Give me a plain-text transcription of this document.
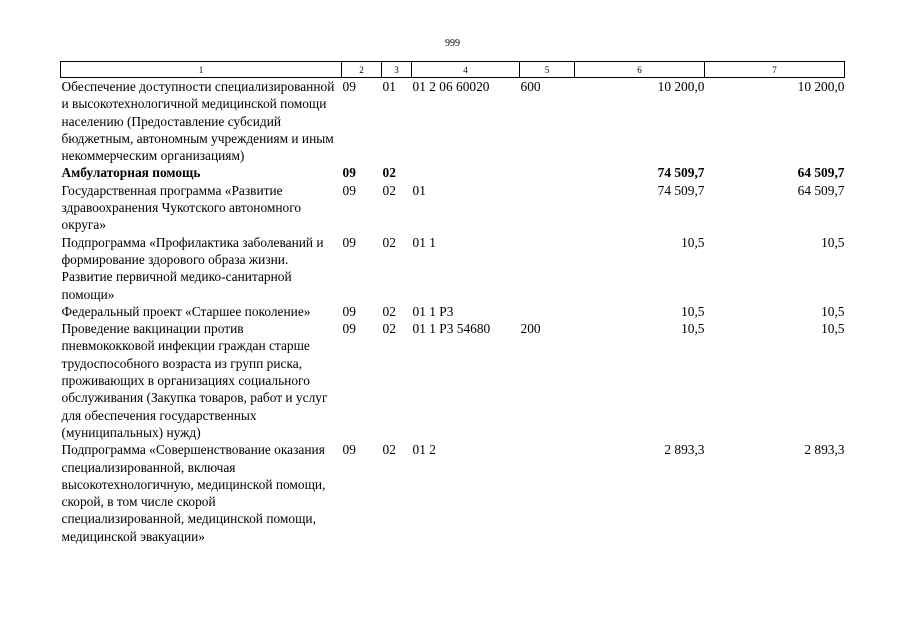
999
1	2	3	4	5	6	7
Обеспечение доступности специализированной и высокотехнологичной медицинской помощи населению (Предоставление субсидий бюджетным, автономным учреждениям и иным некоммерческим организациям)	09	01	01 2 06 60020	600	10 200,0	10 200,0
Амбулаторная помощь	09	02			74 509,7	64 509,7
Государственная программа «Развитие здравоохранения Чукотского автономного округа»	09	02	01		74 509,7	64 509,7
Подпрограмма «Профилактика заболеваний и формирование здорового образа жизни. Развитие первичной медико-санитарной помощи»	09	02	01 1		10,5	10,5
Федеральный проект «Старшее поколение»	09	02	01 1 P3		10,5	10,5
Проведение вакцинации против пневмококковой инфекции граждан старше трудоспособного возраста из групп риска, проживающих в организациях социального обслуживания (Закупка товаров, работ и услуг для обеспечения государственных (муниципальных) нужд)	09	02	01 1 P3 54680	200	10,5	10,5
Подпрограмма «Совершенствование оказания специализированной, включая высокотехнологичную, медицинской помощи, скорой, в том числе скорой специализированной, медицинской помощи, медицинской эвакуации»	09	02	01 2		2 893,3	2 893,3
